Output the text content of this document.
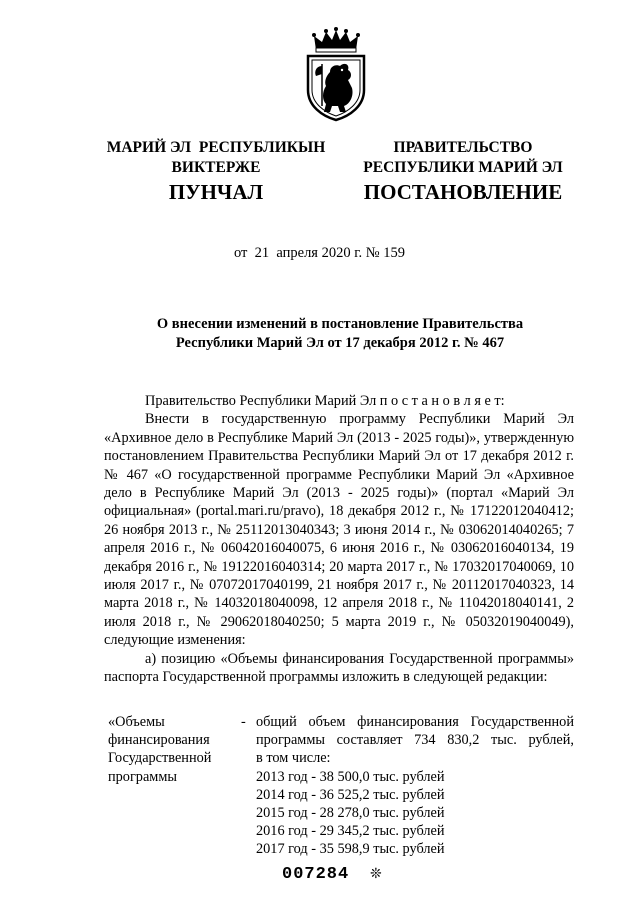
МАРИЙ ЭЛ  РЕСПУБЛИКЫН
ВИКТЕРЖЕ
ПРАВИТЕЛЬСТВО
РЕСПУБЛИКИ МАРИЙ ЭЛ
ПУНЧАЛ	ПОСТАНОВЛЕНИЕ
от  21  апреля 2020 г. № 159
О внесении изменений в постановление Правительства
Республики Марий Эл от 17 декабря 2012 г. № 467

Правительство Республики Марий Эл п о с т а н о в л я е т:

Внести в государственную программу Республики Марий Эл «Архивное дело в Республике Марий Эл (2013 - 2025 годы)», утвержденную постановлением Правительства Республики Марий Эл от 17 декабря 2012 г. № 467 «О государственной программе Республики Марий Эл «Архивное дело в Республике Марий Эл (2013 - 2025 годы)» (портал «Марий Эл официальная» (portal.mari.ru/pravo), 18 декабря 2012 г., № 17122012040412; 26 ноября 2013 г., № 25112013040343; 3 июня 2014 г., № 03062014040265; 7 апреля 2016 г., № 06042016040075, 6 июня 2016 г., № 03062016040134, 19 декабря 2016 г., № 19122016040314; 20 марта 2017 г., № 17032017040069, 10 июля 2017 г., № 07072017040199, 21 ноября 2017 г., № 20112017040323, 14 марта 2018 г., № 14032018040098, 12 апреля 2018 г., № 11042018040141, 2 июля 2018 г., № 29062018040250; 5 марта 2019 г., № 05032019040049), следующие изменения:

а) позицию «Объемы финансирования Государственной программы» паспорта Государственной программы изложить в следующей редакции:

«Объемы
финансирования
Государственной
программы
- общий объем финансирования Государственной
программы составляет 734 830,2 тыс. рублей,
в том числе:
2013 год - 38 500,0 тыс. рублей
2014 год - 36 525,2 тыс. рублей
2015 год - 28 278,0 тыс. рублей
2016 год - 29 345,2 тыс. рублей
2017 год - 35 598,9 тыс. рублей
007284 ❊
